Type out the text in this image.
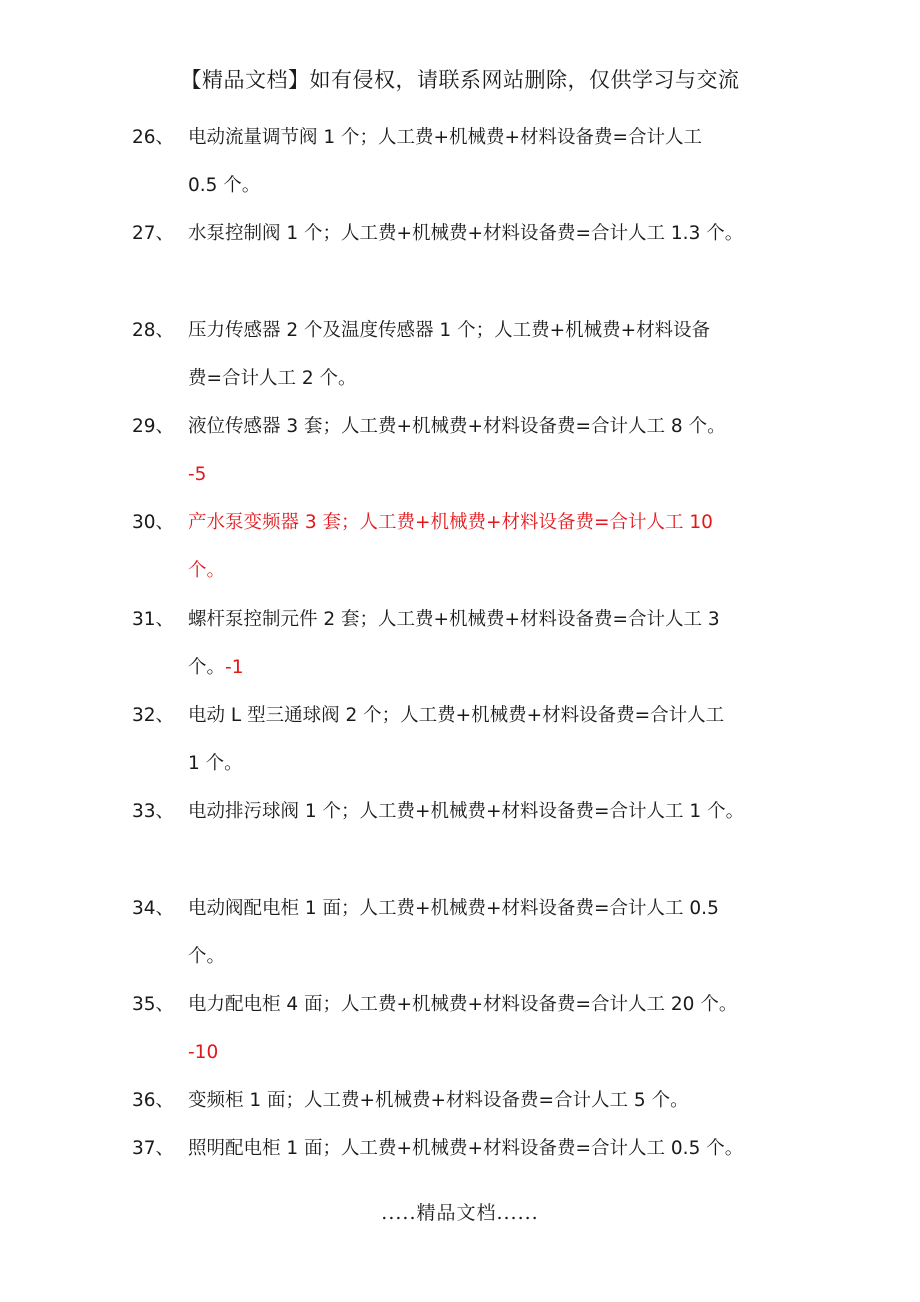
【精品文档】如有侵权，请联系网站删除，仅供学习与交流
26、 电动流量调节阀 1 个；人工费+机械费+材料设备费=合计人工
0.5 个。
27、 水泵控制阀 1 个；人工费+机械费+材料设备费=合计人工 1.3 个。
28、 压力传感器 2 个及温度传感器 1 个；人工费+机械费+材料设备
费=合计人工 2 个。
29、 液位传感器 3 套；人工费+机械费+材料设备费=合计人工 8 个。
-5
30、 产水泵变频器 3 套；人工费+机械费+材料设备费=合计人工 10
个。
31、 螺杆泵控制元件 2 套；人工费+机械费+材料设备费=合计人工 3
个。-1
32、 电动 L 型三通球阀 2 个；人工费+机械费+材料设备费=合计人工
1 个。
33、 电动排污球阀 1 个；人工费+机械费+材料设备费=合计人工 1 个。
34、 电动阀配电柜 1 面；人工费+机械费+材料设备费=合计人工 0.5
个。
35、 电力配电柜 4 面；人工费+机械费+材料设备费=合计人工 20 个。
-10
36、 变频柜 1 面；人工费+机械费+材料设备费=合计人工 5 个。
37、 照明配电柜 1 面；人工费+机械费+材料设备费=合计人工 0.5 个。
.....精品文档......
